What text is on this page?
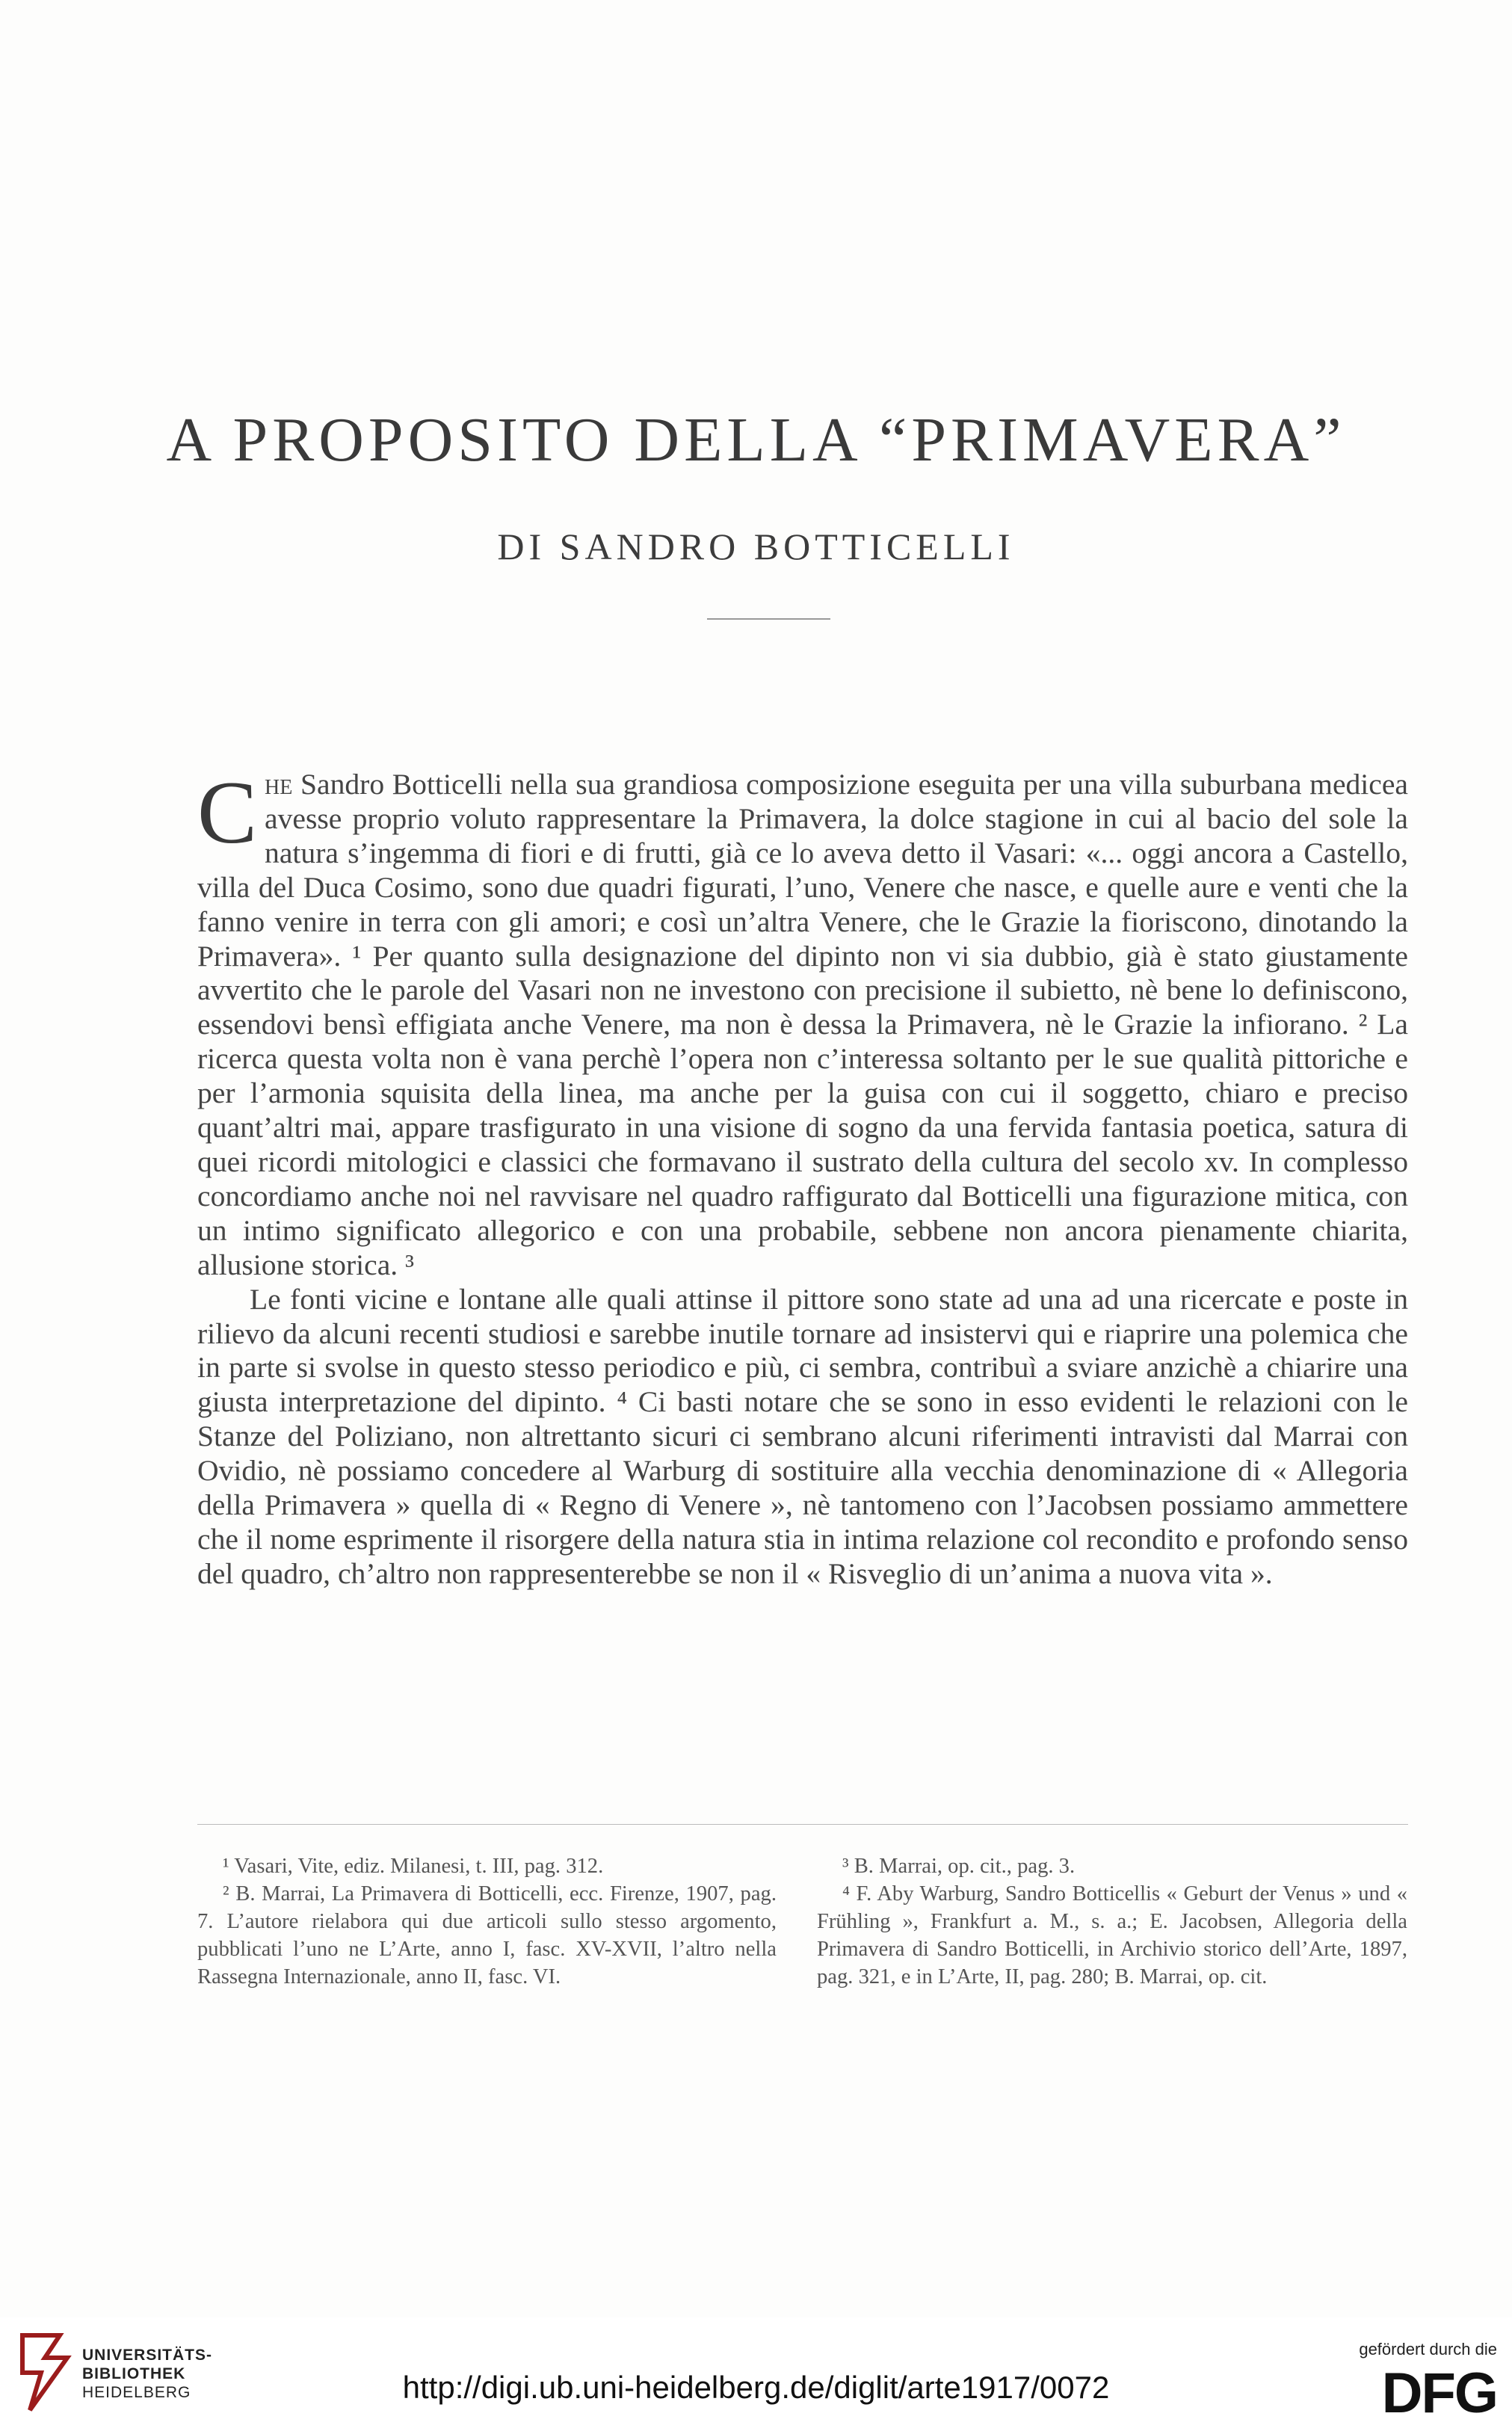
A PROPOSITO DELLA “PRIMAVERA”
DI SANDRO BOTTICELLI

Che Sandro Botticelli nella sua grandiosa composizione eseguita per una villa suburbana medicea avesse proprio voluto rappresentare la Primavera, la dolce stagione in cui al bacio del sole la natura s’ingemma di fiori e di frutti, già ce lo aveva detto il Vasari: «... oggi ancora a Castello, villa del Duca Cosimo, sono due quadri figurati, l’uno, Venere che nasce, e quelle aure e venti che la fanno venire in terra con gli amori; e così un’altra Venere, che le Grazie la fioriscono, dinotando la Primavera». ¹ Per quanto sulla designazione del dipinto non vi sia dubbio, già è stato giustamente avvertito che le parole del Vasari non ne investono con precisione il subietto, nè bene lo definiscono, essendovi bensì effigiata anche Venere, ma non è dessa la Primavera, nè le Grazie la infiorano. ² La ricerca questa volta non è vana perchè l’opera non c’interessa soltanto per le sue qualità pittoriche e per l’armonia squisita della linea, ma anche per la guisa con cui il soggetto, chiaro e preciso quant’altri mai, appare trasfigurato in una visione di sogno da una fervida fantasia poetica, satura di quei ricordi mitologici e classici che formavano il sustrato della cultura del secolo xv. In complesso concordiamo anche noi nel ravvisare nel quadro raffigurato dal Botticelli una figurazione mitica, con un intimo significato allegorico e con una probabile, sebbene non ancora pienamente chiarita, allusione storica. ³

Le fonti vicine e lontane alle quali attinse il pittore sono state ad una ad una ricercate e poste in rilievo da alcuni recenti studiosi e sarebbe inutile tornare ad insistervi qui e riaprire una polemica che in parte si svolse in questo stesso periodico e più, ci sembra, contribuì a sviare anzichè a chiarire una giusta interpretazione del dipinto. ⁴ Ci basti notare che se sono in esso evidenti le relazioni con le Stanze del Poliziano, non altrettanto sicuri ci sembrano alcuni riferimenti intravisti dal Marrai con Ovidio, nè possiamo concedere al Warburg di sostituire alla vecchia denominazione di « Allegoria della Primavera » quella di « Regno di Venere », nè tantomeno con l’Jacobsen possiamo ammettere che il nome esprimente il risorgere della natura stia in intima relazione col recondito e profondo senso del quadro, ch’altro non rappresenterebbe se non il « Risveglio di un’anima a nuova vita ».

¹ Vasari, Vite, ediz. Milanesi, t. III, pag. 312.

² B. Marrai, La Primavera di Botticelli, ecc. Firenze, 1907, pag. 7. L’autore rielabora qui due articoli sullo stesso argomento, pubblicati l’uno ne L’Arte, anno I, fasc. XV-XVII, l’altro nella Rassegna Internazionale, anno II, fasc. VI.

³ B. Marrai, op. cit., pag. 3.

⁴ F. Aby Warburg, Sandro Botticellis « Geburt der Venus » und « Frühling », Frankfurt a. M., s. a.; E. Jacobsen, Allegoria della Primavera di Sandro Botticelli, in Archivio storico dell’Arte, 1897, pag. 321, e in L’Arte, II, pag. 280; B. Marrai, op. cit.

UNIVERSITÄTS-
BIBLIOTHEK
HEIDELBERG	http://digi.ub.uni-heidelberg.de/diglit/arte1917/0072
gefördert durch die
DFG
